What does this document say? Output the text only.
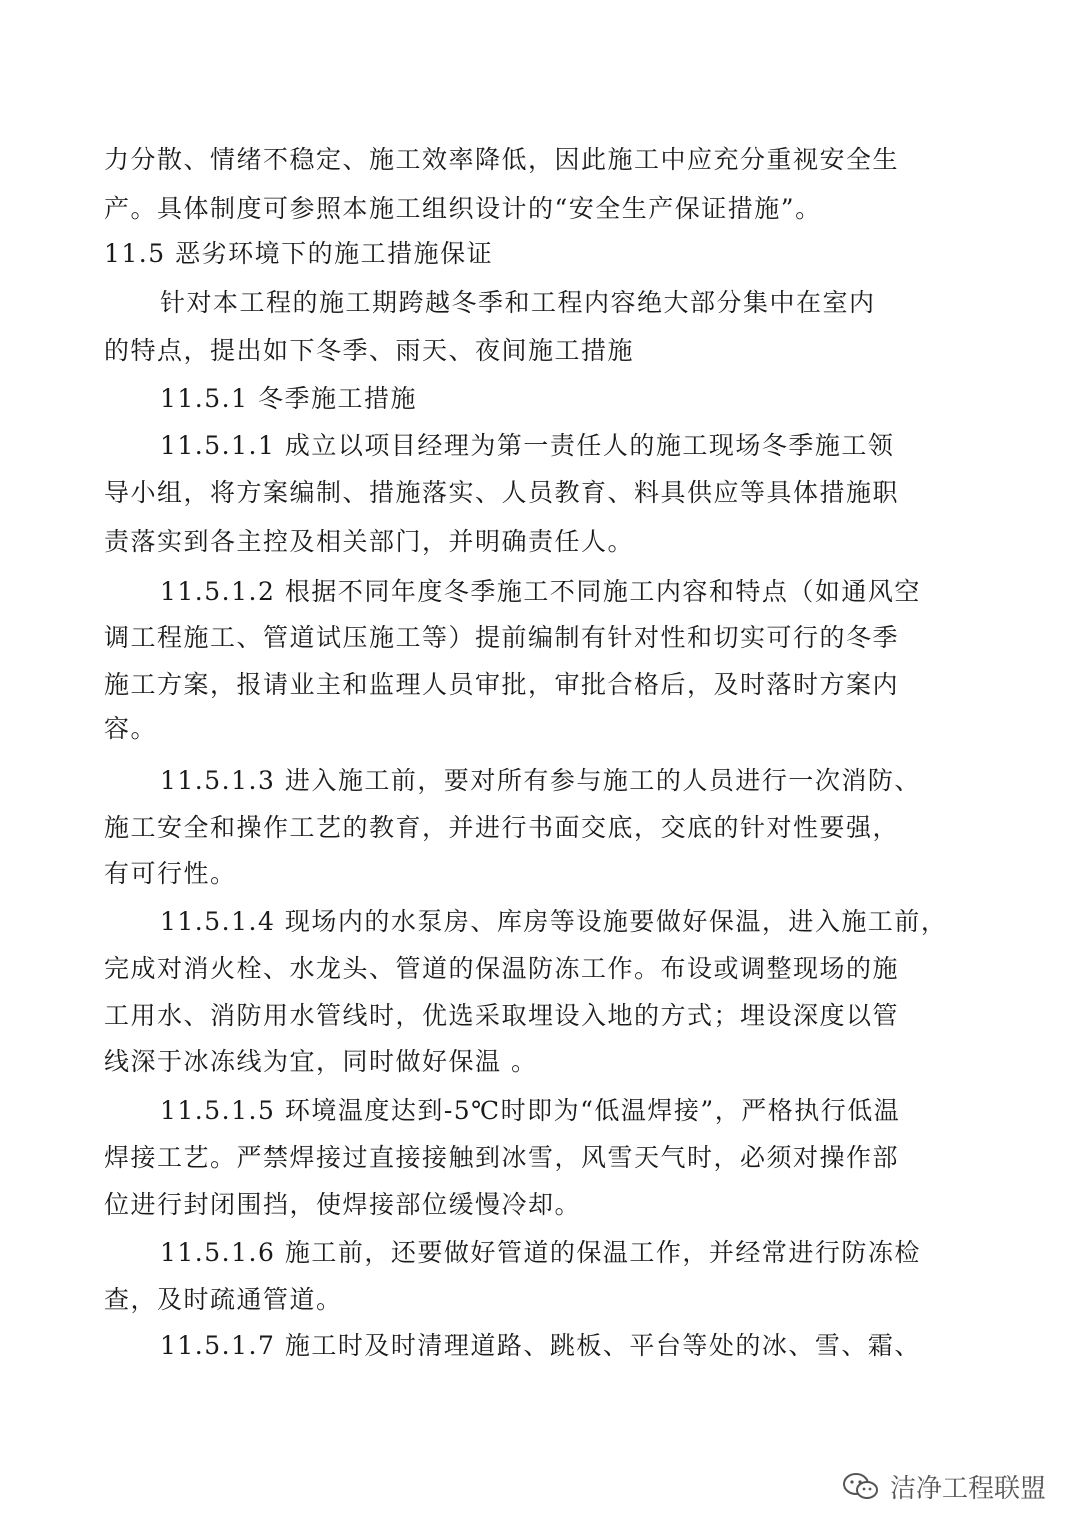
力分散、情绪不稳定、施工效率降低，因此施工中应充分重视安全生
产。具体制度可参照本施工组织设计的“安全生产保证措施”。
11.5 恶劣环境下的施工措施保证
针对本工程的施工期跨越冬季和工程内容绝大部分集中在室内
的特点，提出如下冬季、雨天、夜间施工措施
11.5.1 冬季施工措施
11.5.1.1 成立以项目经理为第一责任人的施工现场冬季施工领
导小组，将方案编制、措施落实、人员教育、料具供应等具体措施职
责落实到各主控及相关部门，并明确责任人。
11.5.1.2 根据不同年度冬季施工不同施工内容和特点（如通风空
调工程施工、管道试压施工等）提前编制有针对性和切实可行的冬季
施工方案，报请业主和监理人员审批，审批合格后，及时落时方案内
容。
11.5.1.3 进入施工前，要对所有参与施工的人员进行一次消防、
施工安全和操作工艺的教育，并进行书面交底，交底的针对性要强，
有可行性。
11.5.1.4 现场内的水泵房、库房等设施要做好保温，进入施工前，
完成对消火栓、水龙头、管道的保温防冻工作。布设或调整现场的施
工用水、消防用水管线时，优选采取埋设入地的方式；埋设深度以管
线深于冰冻线为宜，同时做好保温 。
11.5.1.5 环境温度达到-5℃时即为“低温焊接”，严格执行低温
焊接工艺。严禁焊接过直接接触到冰雪，风雪天气时，必须对操作部
位进行封闭围挡，使焊接部位缓慢冷却。
11.5.1.6 施工前，还要做好管道的保温工作，并经常进行防冻检
查，及时疏通管道。
11.5.1.7 施工时及时清理道路、跳板、平台等处的冰、雪、霜、
洁净工程联盟
